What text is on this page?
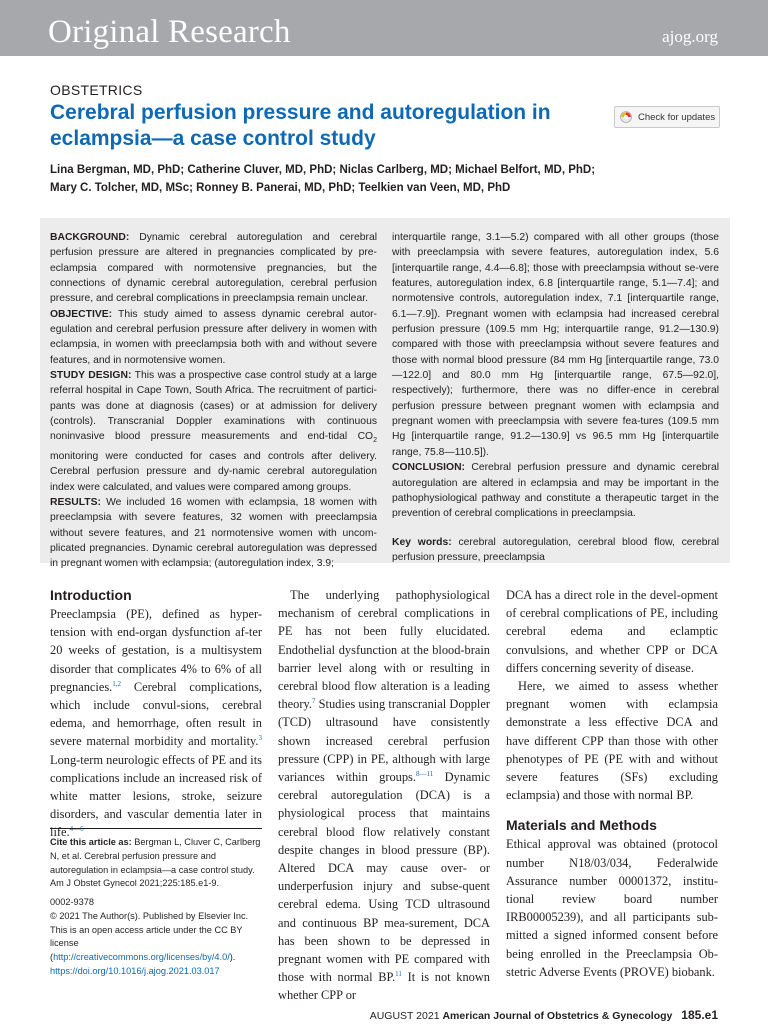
Original Research	ajog.org
OBSTETRICS
Cerebral perfusion pressure and autoregulation in eclampsia—a case control study
Check for updates
Lina Bergman, MD, PhD; Catherine Cluver, MD, PhD; Niclas Carlberg, MD; Michael Belfort, MD, PhD;
Mary C. Tolcher, MD, MSc; Ronney B. Panerai, MD, PhD; Teelkien van Veen, MD, PhD

BACKGROUND: Dynamic cerebral autoregulation and cerebral perfusion pressure are altered in pregnancies complicated by pre-eclampsia compared with normotensive pregnancies, but the connections of dynamic cerebral autoregulation, cerebral perfusion pressure, and cerebral complications in preeclampsia remain unclear.

OBJECTIVE: This study aimed to assess dynamic cerebral autor-egulation and cerebral perfusion pressure after delivery in women with eclampsia, in women with preeclampsia both with and without severe features, and in normotensive women.

STUDY DESIGN: This was a prospective case control study at a large referral hospital in Cape Town, South Africa. The recruitment of partici-pants was done at diagnosis (cases) or at admission for delivery (controls). Transcranial Doppler examinations with continuous noninvasive blood pressure measurements and end-tidal $CO_2$ monitoring were conducted for cases and controls after delivery. Cerebral perfusion pressure and dy-namic cerebral autoregulation index were calculated, and values were compared among groups.

RESULTS: We included 16 women with eclampsia, 18 women with preeclampsia with severe features, 32 women with preeclampsia without severe features, and 21 normotensive women with uncom-plicated pregnancies. Dynamic cerebral autoregulation was depressed in pregnant women with eclampsia; (autoregulation index, 3.9;

interquartile range, 3.1—5.2) compared with all other groups (those with preeclampsia with severe features, autoregulation index, 5.6 [interquartile range, 4.4—6.8]; those with preeclampsia without se-vere features, autoregulation index, 6.8 [interquartile range, 5.1—7.4]; and normotensive controls, autoregulation index, 7.1 [interquartile range, 6.1—7.9]). Pregnant women with eclampsia had increased cerebral perfusion pressure (109.5 mm Hg; interquartile range, 91.2—130.9) compared with those with preeclampsia without severe features and those with normal blood pressure (84 mm Hg [interquartile range, 73.0—122.0] and 80.0 mm Hg [interquartile range, 67.5—92.0], respectively); furthermore, there was no differ-ence in cerebral perfusion pressure between pregnant women with eclampsia and pregnant women with preeclampsia with severe fea-tures (109.5 mm Hg [interquartile range, 91.2—130.9] vs 96.5 mm Hg [interquartile range, 75.8—110.5]).

CONCLUSION: Cerebral perfusion pressure and dynamic cerebral autoregulation are altered in eclampsia and may be important in the pathophysiological pathway and constitute a therapeutic target in the prevention of cerebral complications in preeclampsia.

Key words: cerebral autoregulation, cerebral blood flow, cerebral perfusion pressure, preeclampsia

Introduction

Preeclampsia (PE), defined as hyper-tension with end-organ dysfunction af-ter 20 weeks of gestation, is a multisystem disorder that complicates 4% to 6% of all pregnancies.$^{1,2}$ Cerebral complications, which include convul-sions, cerebral edema, and hemorrhage, often result in severe maternal morbidity and mortality.$^3$ Long-term neurologic effects of PE and its complications include an increased risk of white matter lesions, stroke, seizure disorders, and vascular dementia later in life.$^{4—6}$

Cite this article as: Bergman L, Cluver C, Carlberg N, et al. Cerebral perfusion pressure and autoregulation in eclampsia—a case control study. Am J Obstet Gynecol 2021;225:185.e1-9.
0002-9378
© 2021 The Author(s). Published by Elsevier Inc. This is an open access article under the CC BY license (http://creativecommons.org/licenses/by/4.0/).
https://doi.org/10.1016/j.ajog.2021.03.017

The underlying pathophysiological mechanism of cerebral complications in PE has not been fully elucidated. Endothelial dysfunction at the blood-brain barrier level along with or resulting in cerebral blood flow alteration is a leading theory.$^7$ Studies using transcranial Doppler (TCD) ultrasound have consistently shown increased cerebral perfusion pressure (CPP) in PE, although with large variances within groups.$^{8—11}$ Dynamic cerebral autoregulation (DCA) is a physiological process that maintains cerebral blood flow relatively constant despite changes in blood pressure (BP). Altered DCA may cause over- or underperfusion injury and subse-quent cerebral edema. Using TCD ultrasound and continuous BP mea-surement, DCA has been shown to be depressed in pregnant women with PE compared with those with normal BP.$^{11}$ It is not known whether CPP or

DCA has a direct role in the devel-opment of cerebral complications of PE, including cerebral edema and eclamptic convulsions, and whether CPP or DCA differs concerning severity of disease.

Here, we aimed to assess whether pregnant women with eclampsia demonstrate a less effective DCA and have different CPP than those with other phenotypes of PE (PE with and without severe features (SFs) excluding eclampsia) and those with normal BP.

Materials and Methods

Ethical approval was obtained (protocol number N18/03/034, Federalwide Assurance number 00001372, institu-tional review board number IRB00005239), and all participants sub-mitted a signed informed consent before being enrolled in the Preeclampsia Ob-stetric Adverse Events (PROVE) biobank.

AUGUST 2021 American Journal of Obstetrics & Gynecology 185.e1
